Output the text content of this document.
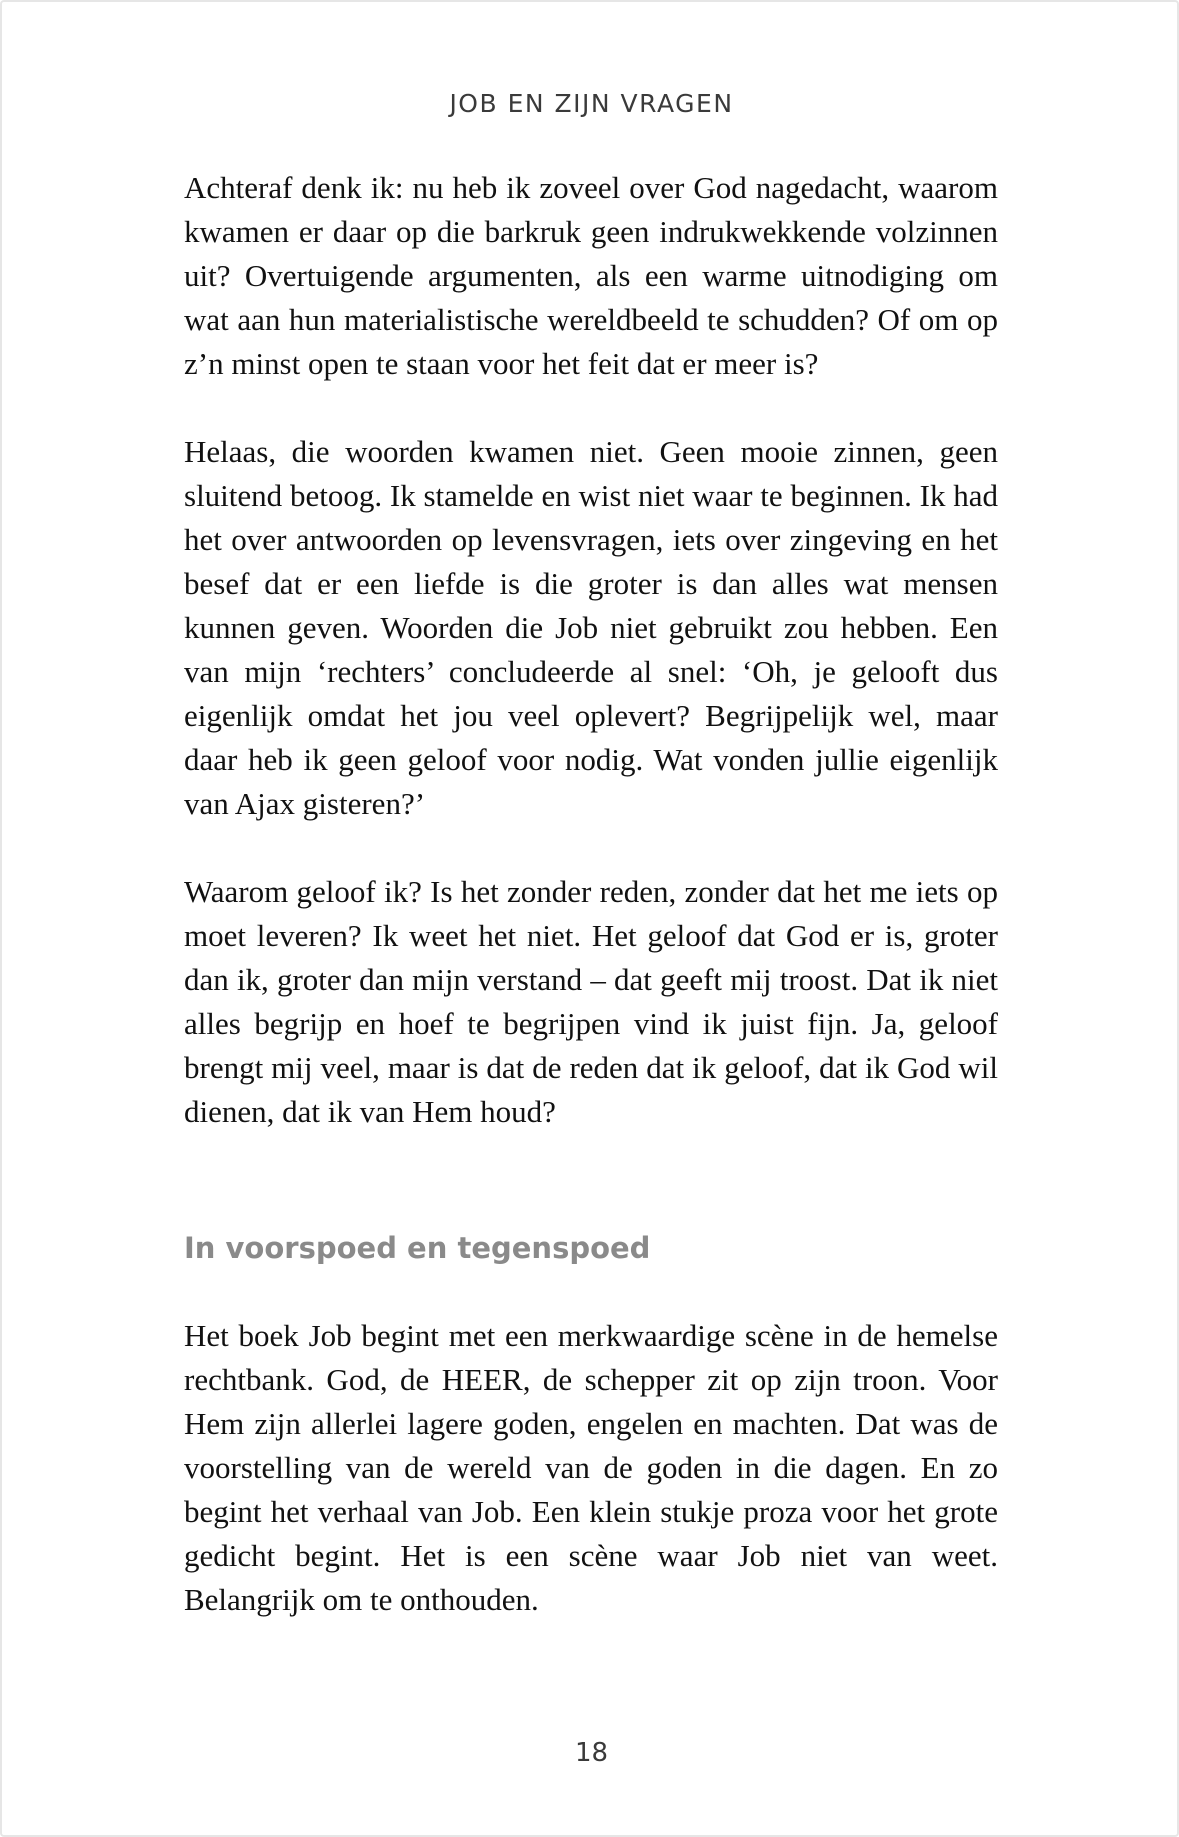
JOB EN ZIJN VRAGEN

Achteraf denk ik: nu heb ik zoveel over God nagedacht, waarom kwamen er daar op die barkruk geen indrukwekkende volzinnen uit? Overtuigende argumenten, als een warme uitnodiging om wat aan hun materialistische wereldbeeld te schudden? Of om op z’n minst open te staan voor het feit dat er meer is?

Helaas, die woorden kwamen niet. Geen mooie zinnen, geen sluitend betoog. Ik stamelde en wist niet waar te beginnen. Ik had het over antwoorden op levensvragen, iets over zingeving en het besef dat er een liefde is die groter is dan alles wat mensen kunnen geven. Woorden die Job niet gebruikt zou hebben. Een van mijn ‘rechters’ concludeerde al snel: ‘Oh, je gelooft dus eigenlijk omdat het jou veel oplevert? Begrijpelijk wel, maar daar heb ik geen geloof voor nodig. Wat vonden jullie eigenlijk van Ajax gisteren?’

Waarom geloof ik? Is het zonder reden, zonder dat het me iets op moet leveren? Ik weet het niet. Het geloof dat God er is, groter dan ik, groter dan mijn verstand – dat geeft mij troost. Dat ik niet alles begrijp en hoef te begrijpen vind ik juist fijn. Ja, geloof brengt mij veel, maar is dat de reden dat ik geloof, dat ik God wil dienen, dat ik van Hem houd?

In voorspoed en tegenspoed

Het boek Job begint met een merkwaardige scène in de hemelse rechtbank. God, de HEER, de schepper zit op zijn troon. Voor Hem zijn allerlei lagere goden, engelen en machten. Dat was de voorstelling van de wereld van de goden in die dagen. En zo begint het verhaal van Job. Een klein stukje proza voor het grote gedicht begint. Het is een scène waar Job niet van weet. Belangrijk om te onthouden.

18
